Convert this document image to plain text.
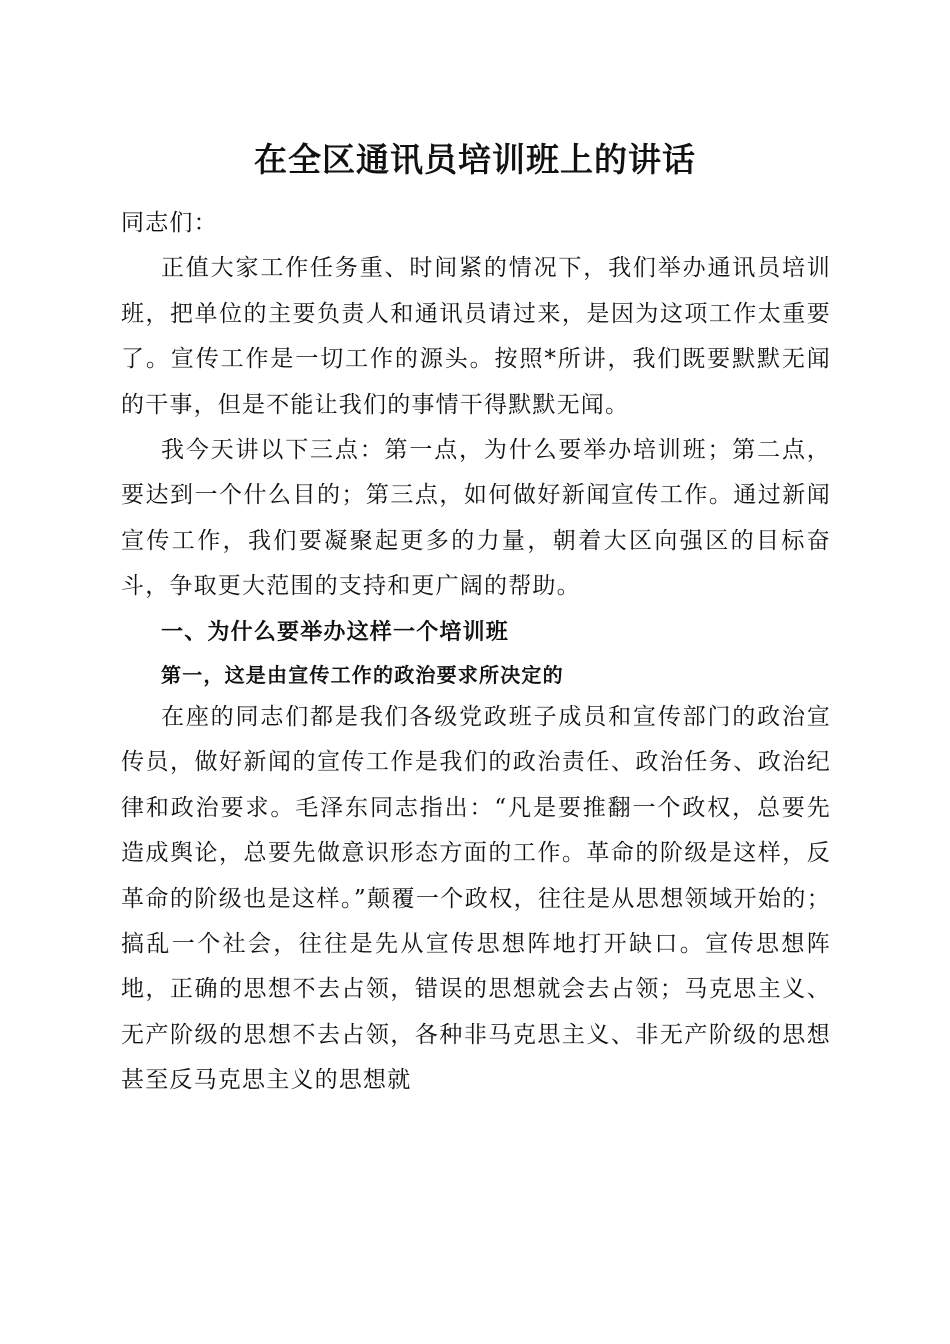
在全区通讯员培训班上的讲话

同志们：

正值大家工作任务重、时间紧的情况下，我们举办通讯员培训班，把单位的主要负责人和通讯员请过来，是因为这项工作太重要了。宣传工作是一切工作的源头。按照*所讲，我们既要默默无闻的干事，但是不能让我们的事情干得默默无闻。

我今天讲以下三点：第一点，为什么要举办培训班；第二点，要达到一个什么目的；第三点，如何做好新闻宣传工作。通过新闻宣传工作，我们要凝聚起更多的力量，朝着大区向强区的目标奋斗，争取更大范围的支持和更广阔的帮助。

一、为什么要举办这样一个培训班

第一，这是由宣传工作的政治要求所决定的

在座的同志们都是我们各级党政班子成员和宣传部门的政治宣传员，做好新闻的宣传工作是我们的政治责任、政治任务、政治纪律和政治要求。毛泽东同志指出：“凡是要推翻一个政权，总要先造成舆论，总要先做意识形态方面的工作。革命的阶级是这样，反革命的阶级也是这样。”颠覆一个政权，往往是从思想领域开始的；搞乱一个社会，往往是先从宣传思想阵地打开缺口。宣传思想阵地，正确的思想不去占领，错误的思想就会去占领；马克思主义、无产阶级的思想不去占领，各种非马克思主义、非无产阶级的思想甚至反马克思主义的思想就
